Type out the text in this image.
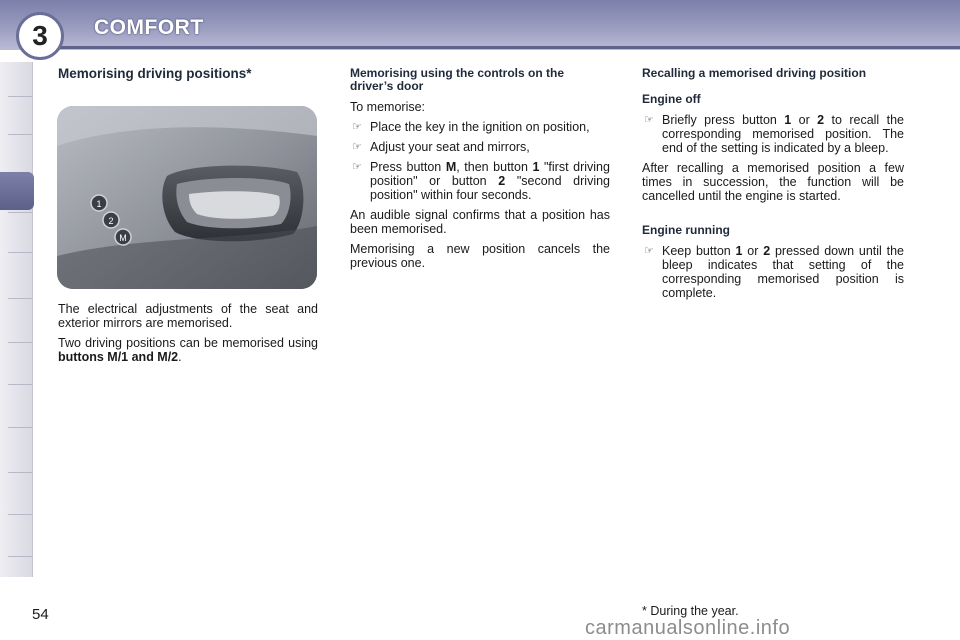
3 COMFORT
Memorising driving positions*
1
2
M

The electrical adjustments of the seat and exterior mirrors are memorised.

Two driving positions can be memorised using buttons M/1 and M/2.

Memorising using the controls on the driver’s door

To memorise:

☞ Place the key in the ignition on position,
☞ Adjust your seat and mirrors,
☞ Press button M, then button 1 "first driving position" or button 2 "second driving position" within four seconds.

An audible signal confirms that a position has been memorised.

Memorising a new position cancels the previous one.

Recalling a memorised driving position
Engine off
☞ Briefly press button 1 or 2 to recall the corresponding memorised position. The end of the setting is indicated by a bleep.

After recalling a memorised position a few times in succession, the function will be cancelled until the engine is started.

Engine running
☞ Keep button 1 or 2 pressed down until the bleep indicates that setting of the corresponding memorised position is complete.
54	* During the year.
carmanualsonline.info
